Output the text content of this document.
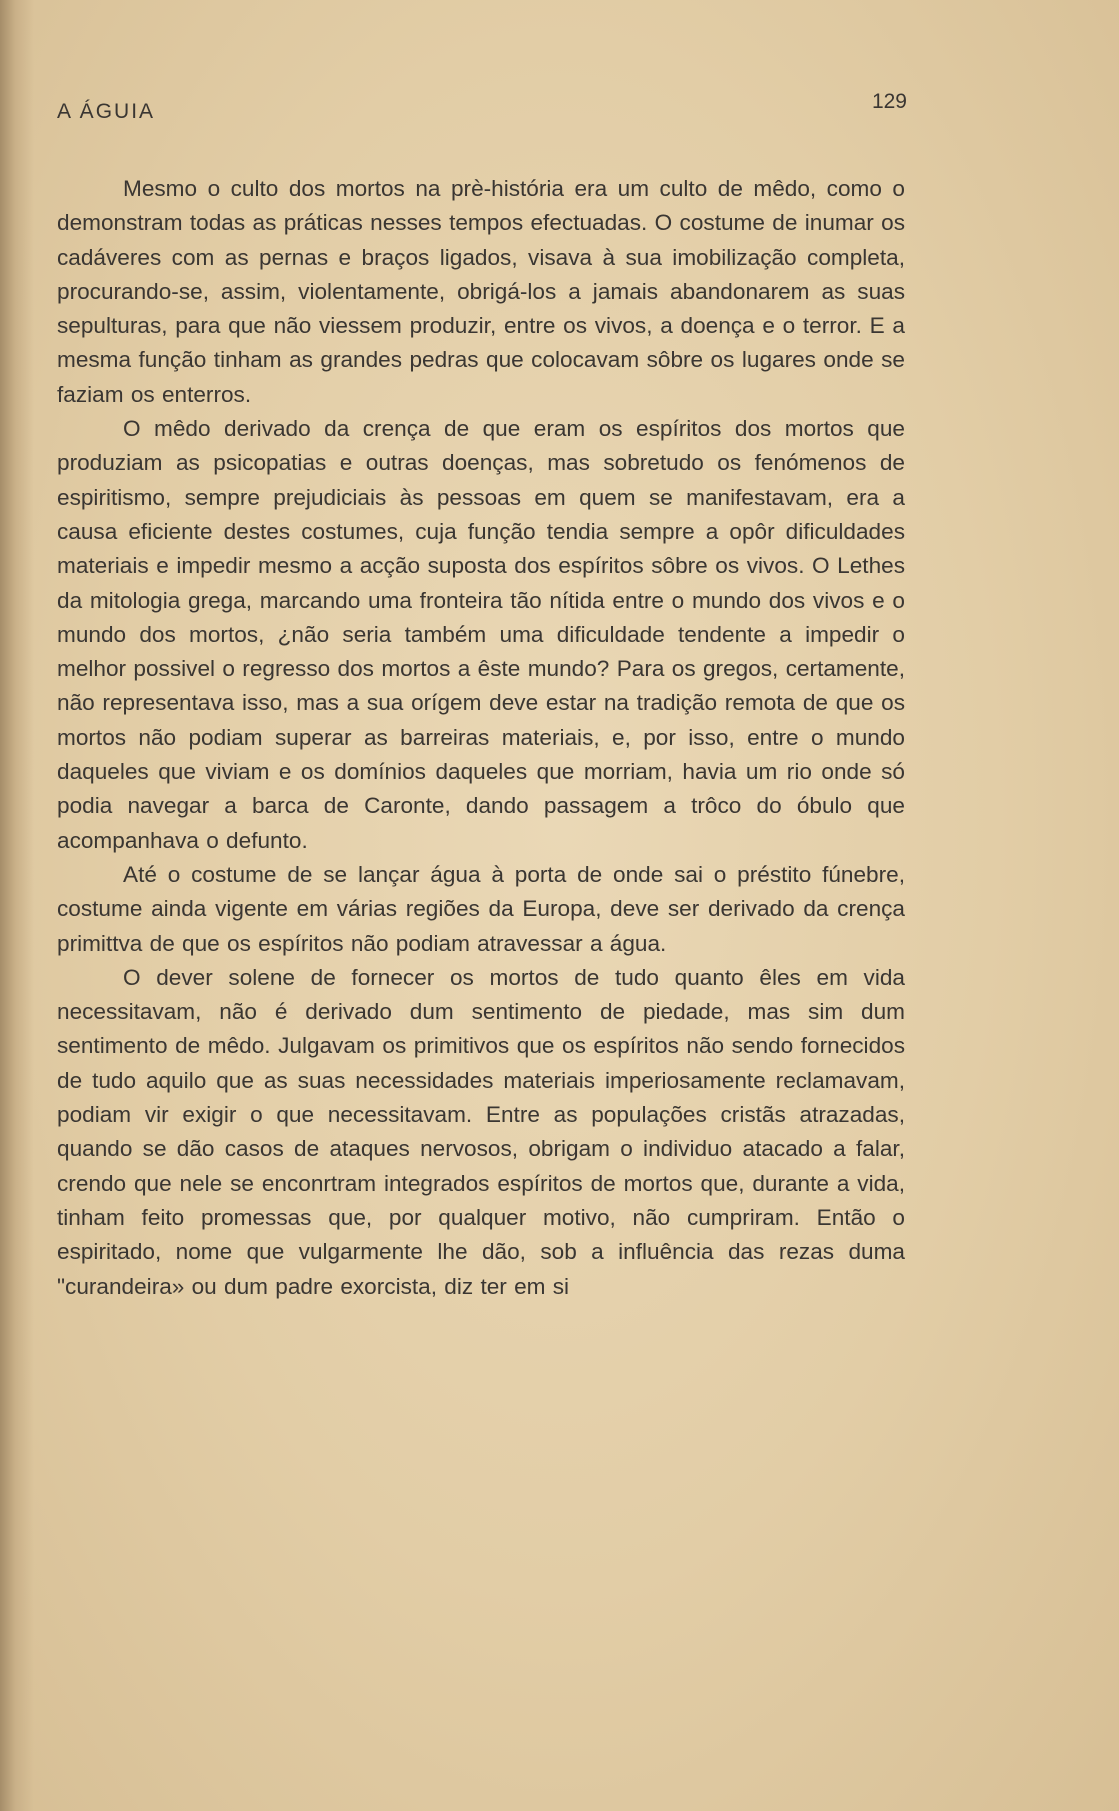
A ÁGUIA	129

Mesmo o culto dos mortos na prè-história era um culto de mêdo, como o demonstram todas as práticas nesses tempos efectuadas. O costume de inumar os cadáveres com as pernas e braços ligados, visava à sua imobilização completa, procurando-se, assim, violentamente, obrigá-los a jamais abandonarem as suas sepulturas, para que não viessem produzir, entre os vivos, a doença e o terror. E a mesma função tinham as grandes pedras que colocavam sôbre os lugares onde se faziam os enterros.

O mêdo derivado da crença de que eram os espíritos dos mortos que produziam as psicopatias e outras doenças, mas sobretudo os fenómenos de espiritismo, sempre prejudiciais às pessoas em quem se manifestavam, era a causa eficiente destes costumes, cuja função tendia sempre a opôr dificuldades materiais e impedir mesmo a acção suposta dos espíritos sôbre os vivos. O Lethes da mitologia grega, marcando uma fronteira tão nítida entre o mundo dos vivos e o mundo dos mortos, ¿não seria também uma dificuldade tendente a impedir o melhor possivel o regresso dos mortos a êste mundo? Para os gregos, certamente, não representava isso, mas a sua orígem deve estar na tradição remota de que os mortos não podiam superar as barreiras materiais, e, por isso, entre o mundo daqueles que viviam e os domínios daqueles que morriam, havia um rio onde só podia navegar a barca de Caronte, dando passagem a trôco do óbulo que acompanhava o defunto.

Até o costume de se lançar água à porta de onde sai o préstito fúnebre, costume ainda vigente em várias regiões da Europa, deve ser derivado da crença primittva de que os espíritos não podiam atravessar a água.

O dever solene de fornecer os mortos de tudo quanto êles em vida necessitavam, não é derivado dum sentimento de piedade, mas sim dum sentimento de mêdo. Julgavam os primitivos que os espíritos não sendo fornecidos de tudo aquilo que as suas necessidades materiais imperiosamente reclamavam, podiam vir exigir o que necessitavam. Entre as populações cristãs atrazadas, quando se dão casos de ataques nervosos, obrigam o individuo atacado a falar, crendo que nele se enconrtram integrados espíritos de mortos que, durante a vida, tinham feito promessas que, por qualquer motivo, não cumpriram. Então o espiritado, nome que vulgarmente lhe dão, sob a influência das rezas duma "curandeira» ou dum padre exorcista, diz ter em si
